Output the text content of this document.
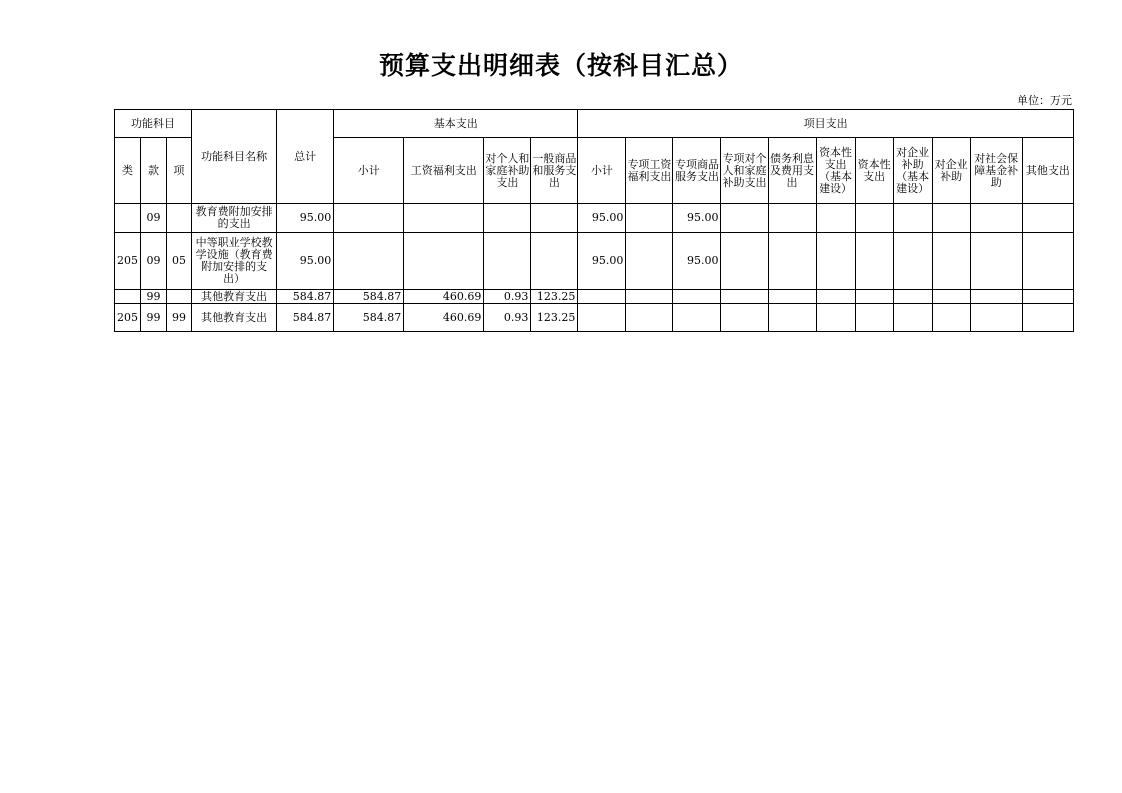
预算支出明细表（按科目汇总）
单位：万元
功能科目			功能科目名称	总计	基本支出				项目支出										
类	款	项			小计	工资福利支出	对个人和家庭补助支出	一般商品和服务支出	小计	专项工资福利支出	专项商品服务支出	专项对个人和家庭补助支出	债务利息及费用支出	资本性支出（基本建设）	资本性支出	对企业补助（基本建设）	对企业补助	对社会保障基金补助	其他支出
	09		教育费附加安排的支出	95.00					95.00		95.00								
205	09	05	中等职业学校教学设施（教育费附加安排的支出）	95.00					95.00		95.00								
	99		其他教育支出	584.87	584.87	460.69	0.93	123.25											
205	99	99	其他教育支出	584.87	584.87	460.69	0.93	123.25											
